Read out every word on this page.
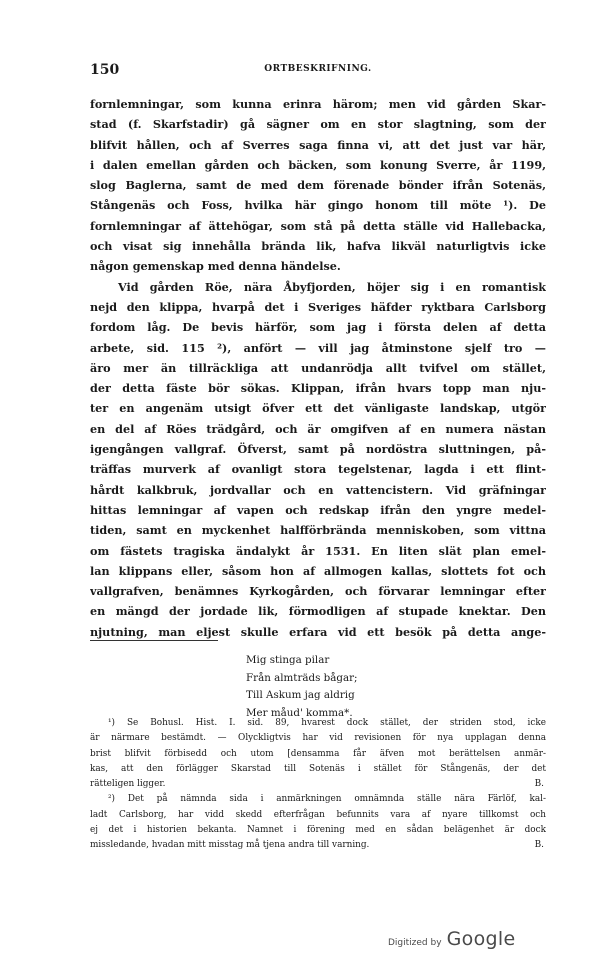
150	ORTBESKRIFNING.
fornlemningar, som kunna erinra härom; men vid gården Skar-
stad (f. Skarfstadir) gå sägner om en stor slagtning, som der
blifvit hållen, och af Sverres saga finna vi, att det just var här,
i dalen emellan gården och bäcken, som konung Sverre, år 1199,
slog Baglerna, samt de med dem förenade bönder ifrån Sotenäs,
Stångenäs och Foss, hvilka här gingo honom till möte ¹). De
fornlemningar af ättehögar, som stå på detta ställe vid Hallebacka,
och visat sig innehålla brända lik, hafva likväl naturligtvis icke
någon gemenskap med denna händelse.
Vid gården Röe, nära Åbyfjorden, höjer sig i en romantisk
nejd den klippa, hvarpå det i Sveriges häfder ryktbara Carlsborg
fordom låg. De bevis härför, som jag i första delen af detta
arbete, sid. 115 ²), anfört — vill jag åtminstone sjelf tro —
äro mer än tillräckliga att undanrödja allt tvifvel om stället,
der detta fäste bör sökas. Klippan, ifrån hvars topp man nju-
ter en angenäm utsigt öfver ett det vänligaste landskap, utgör
en del af Röes trädgård, och är omgifven af en numera nästan
igengången vallgraf. Öfverst, samt på nordöstra sluttningen, på-
träffas murverk af ovanligt stora tegelstenar, lagda i ett flint-
hårdt kalkbruk, jordvallar och en vattencistern. Vid gräfningar
hittas lemningar af vapen och redskap ifrån den yngre medel-
tiden, samt en myckenhet halfförbrända menniskoben, som vittna
om fästets tragiska ändalykt år 1531. En liten slät plan emel-
lan klippans eller, såsom hon af allmogen kallas, slottets fot och
vallgrafven, benämnes Kyrkogården, och förvarar lemningar efter
en mängd der jordade lik, förmodligen af stupade knektar. Den
njutning, man eljest skulle erfara vid ett besök på detta ange-
Mig stinga pilar
Från almträds bågar;
Till Askum jag aldrig
Mer måud' komma*.
¹) Se Bohusl. Hist. I. sid. 89, hvarest dock stället, der striden stod, icke
är närmare bestämdt. — Olyckligtvis har vid revisionen för nya upplagan denna
brist blifvit förbisedd och utom [densamma får äfven mot berättelsen anmär-
kas, att den förlägger Skarstad till Sotenäs i stället för Stångenäs, der det
rätteligen ligger.	B.
²) Det på nämnda sida i anmärkningen omnämnda ställe nära Färlöf, kal-
ladt Carlsborg, har vidd skedd efterfrågan befunnits vara af nyare tillkomst och
ej det i historien bekanta. Namnet i förening med en sådan belägenhet är dock
missledande, hvadan mitt misstag må tjena andra till varning.	B.
Digitized by Google
